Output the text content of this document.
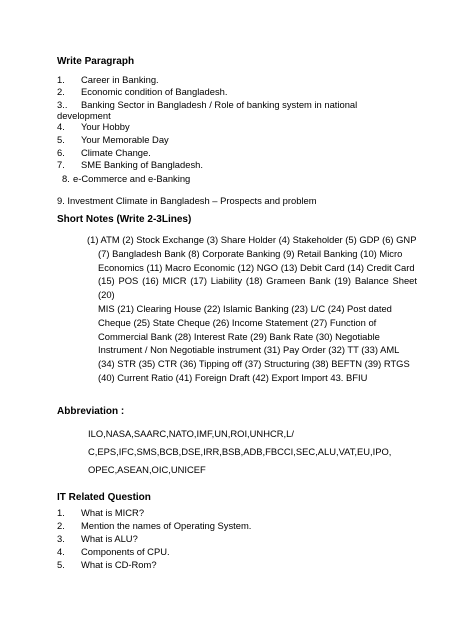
Write Paragraph
1. Career in Banking.
2. Economic condition of Bangladesh.
3.. Banking Sector in Bangladesh / Role of banking system in national
development
4. Your Hobby
5. Your Memorable Day
6. Climate Change.
7. SME Banking of Bangladesh.
8. e-Commerce and e-Banking
9. Investment Climate in Bangladesh – Prospects and problem
Short Notes (Write 2-3Lines)
(1) ATM (2) Stock Exchange (3) Share Holder (4) Stakeholder (5) GDP (6) GNP
(7) Bangladesh Bank (8) Corporate Banking (9) Retail Banking (10) Micro
Economics (11) Macro Economic (12) NGO (13) Debit Card (14) Credit Card
(15) POS (16) MICR (17) Liability (18) Grameen Bank (19) Balance Sheet (20)
MIS (21) Clearing House (22) Islamic Banking (23) L/C (24) Post dated
Cheque (25) State Cheque (26) Income Statement (27) Function of
Commercial Bank (28) Interest Rate (29) Bank Rate (30) Negotiable
Instrument / Non Negotiable instrument (31) Pay Order (32) TT (33) AML
(34) STR (35) CTR (36) Tipping off (37) Structuring (38) BEFTN (39) RTGS
(40) Current Ratio (41) Foreign Draft (42) Export Import 43. BFIU
Abbreviation :
ILO,NASA,SAARC,NATO,IMF,UN,ROI,UNHCR,L/
C,EPS,IFC,SMS,BCB,DSE,IRR,BSB,ADB,FBCCI,SEC,ALU,VAT,EU,IPO,
OPEC,ASEAN,OIC,UNICEF
IT Related Question
1. What is MICR?
2. Mention the names of Operating System.
3. What is ALU?
4. Components of CPU.
5. What is CD-Rom?
